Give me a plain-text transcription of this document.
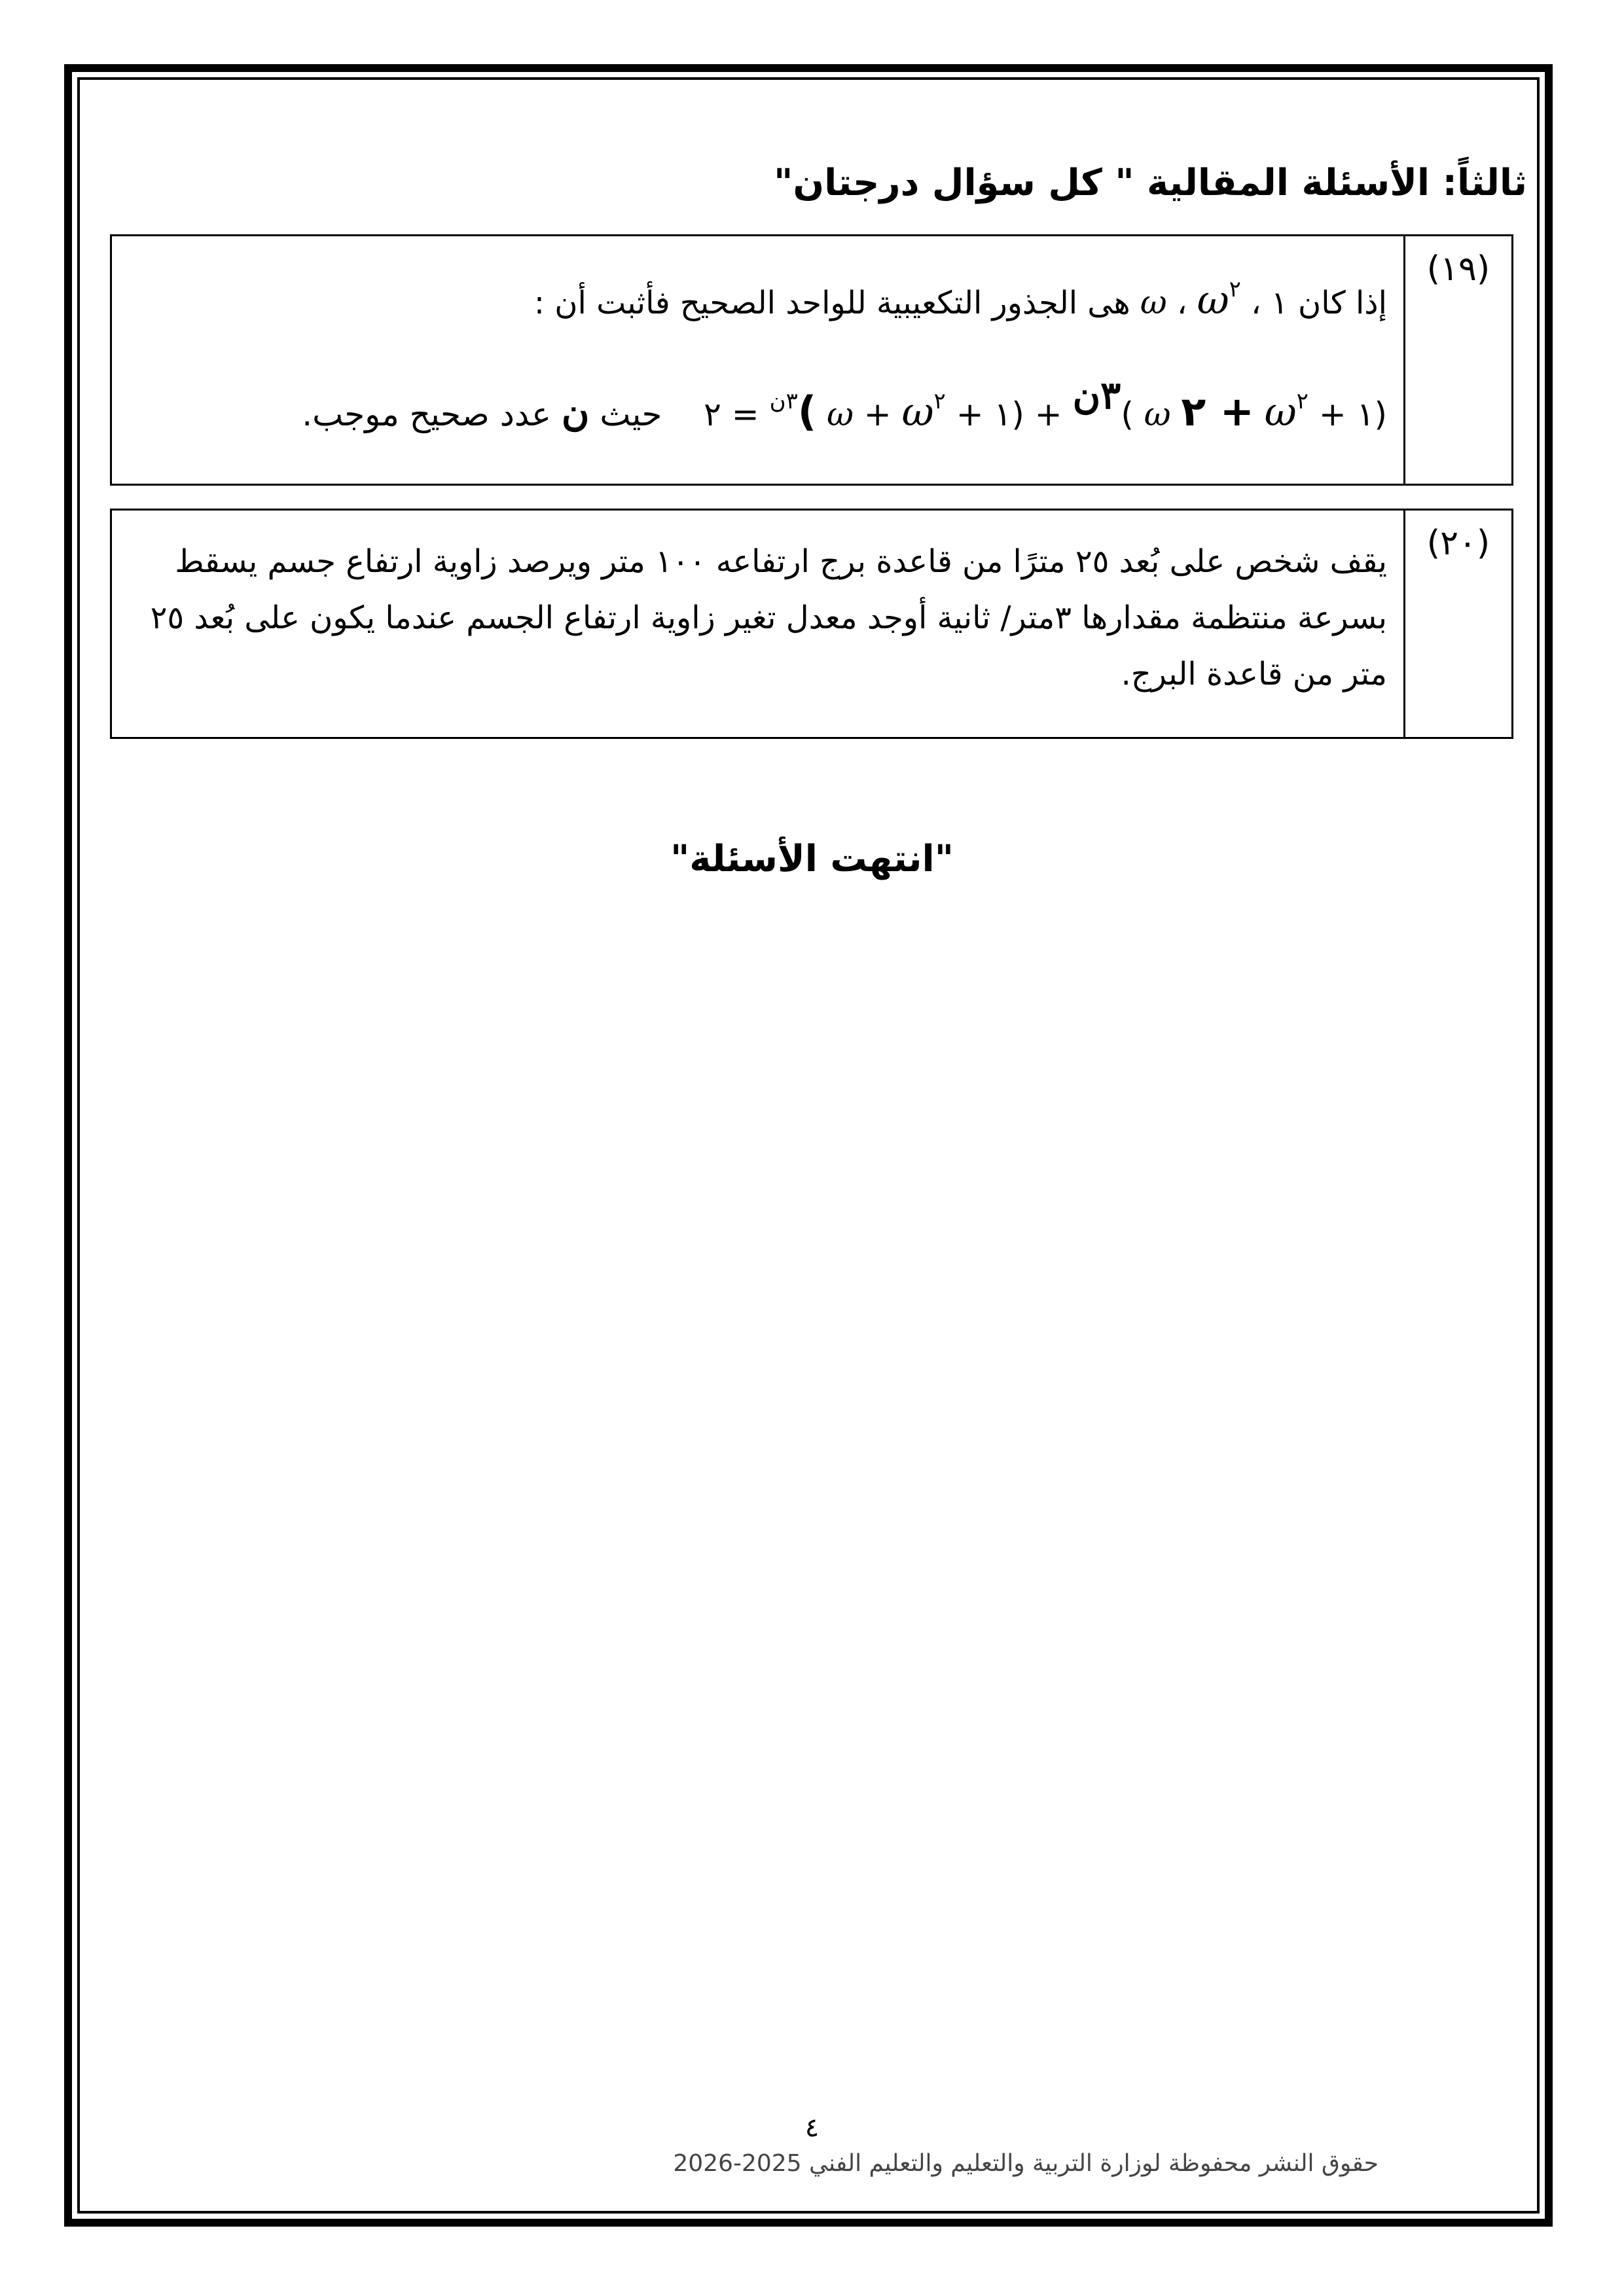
ثالثاً: الأسئلة المقالية " كل سؤال درجتان"
(١٩)
إذا كان ١ ، ω ، $\omega^٢$ هى الجذور التكعيبية للواحد الصحيح فأثبت أن :
(١ + $\omega^٢$ + ٢ ω )٣ن + (١ + $\omega + \omega^٢$ )$^{٣ن}$ = ٢    حيث ن عدد صحيح موجب.
(٢٠)
يقف شخص على بُعد ٢٥ مترًا من قاعدة برج ارتفاعه ١٠٠ متر ويرصد زاوية ارتفاع جسم يسقط بسرعة منتظمة مقدارها ٣متر/ ثانية أوجد معدل تغير زاوية ارتفاع الجسم عندما يكون على بُعد ٢٥ متر من قاعدة البرج.
"انتهت الأسئلة"
٤
حقوق النشر محفوظة لوزارة التربية والتعليم والتعليم الفني 2025-2026
